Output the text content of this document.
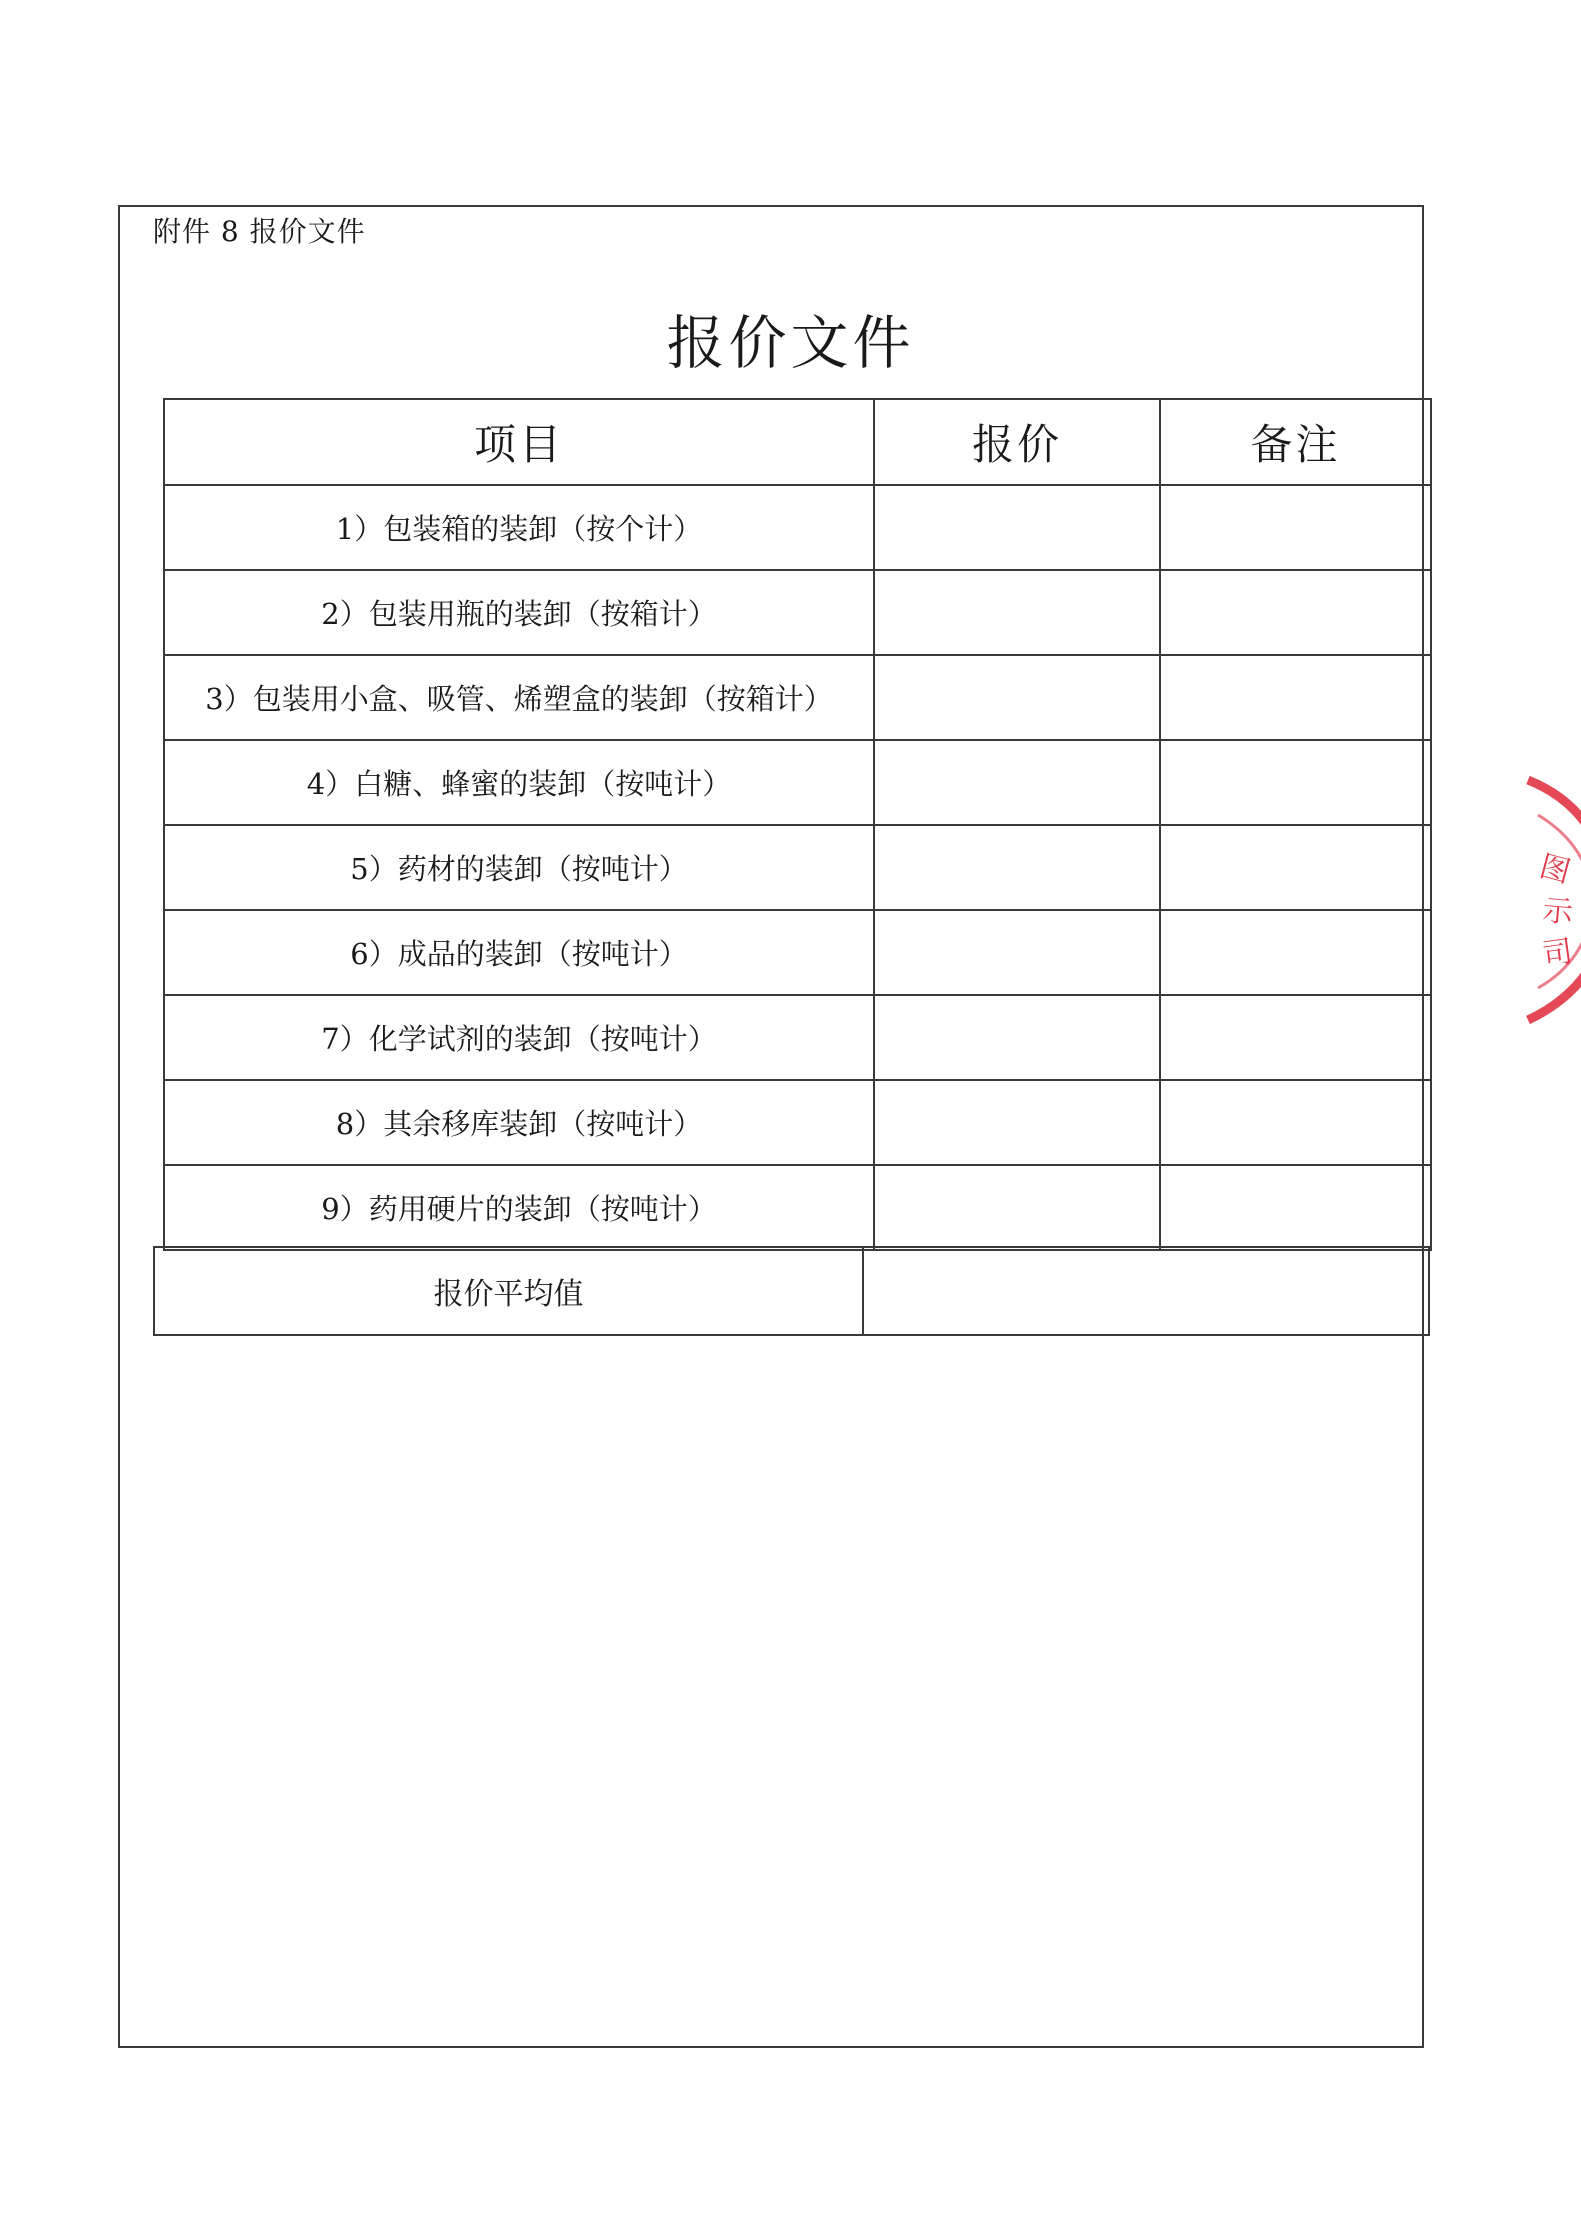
附件 8 报价文件
报价文件
项目	报价	备注
1）包装箱的装卸（按个计）		
2）包装用瓶的装卸（按箱计）		
3）包装用小盒、吸管、烯塑盒的装卸（按箱计）		
4）白糖、蜂蜜的装卸（按吨计）		
5）药材的装卸（按吨计）		
6）成品的装卸（按吨计）		
7）化学试剂的装卸（按吨计）		
8）其余移库装卸（按吨计）		
9）药用硬片的装卸（按吨计）		
报价平均值	
图
示
司
